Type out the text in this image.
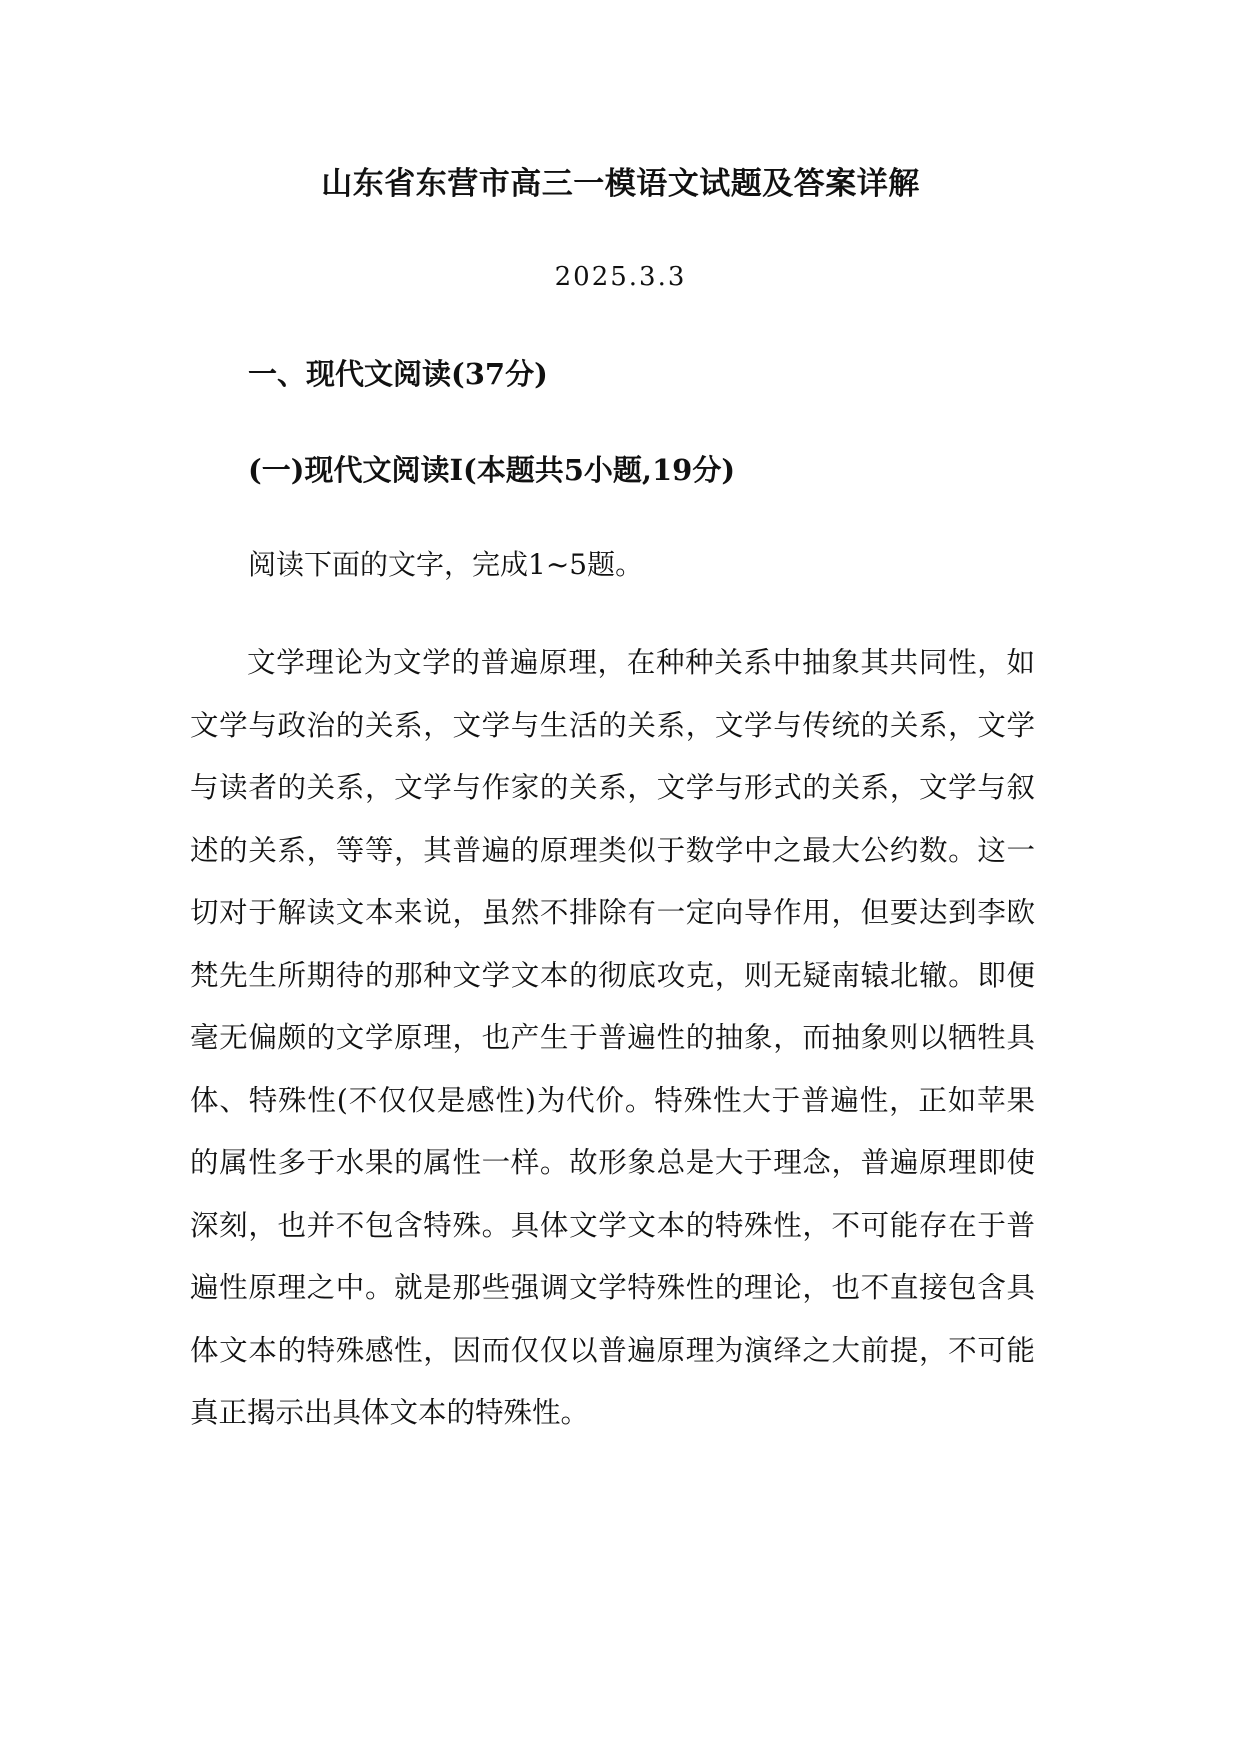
山东省东营市高三一模语文试题及答案详解
2025.3.3
一、现代文阅读(37分)
(一)现代文阅读Ⅰ(本题共5小题,19分)
阅读下面的文字，完成1~5题。

文学理论为文学的普遍原理，在种种关系中抽象其共同性，如文学与政治的关系，文学与生活的关系，文学与传统的关系，文学与读者的关系，文学与作家的关系，文学与形式的关系，文学与叙述的关系，等等，其普遍的原理类似于数学中之最大公约数。这一切对于解读文本来说，虽然不排除有一定向导作用，但要达到李欧梵先生所期待的那种文学文本的彻底攻克，则无疑南辕北辙。即便毫无偏颇的文学原理，也产生于普遍性的抽象，而抽象则以牺牲具体、特殊性(不仅仅是感性)为代价。特殊性大于普遍性，正如苹果的属性多于水果的属性一样。故形象总是大于理念，普遍原理即使深刻，也并不包含特殊。具体文学文本的特殊性，不可能存在于普遍性原理之中。就是那些强调文学特殊性的理论，也不直接包含具体文本的特殊感性，因而仅仅以普遍原理为演绎之大前提，不可能真正揭示出具体文本的特殊性。
